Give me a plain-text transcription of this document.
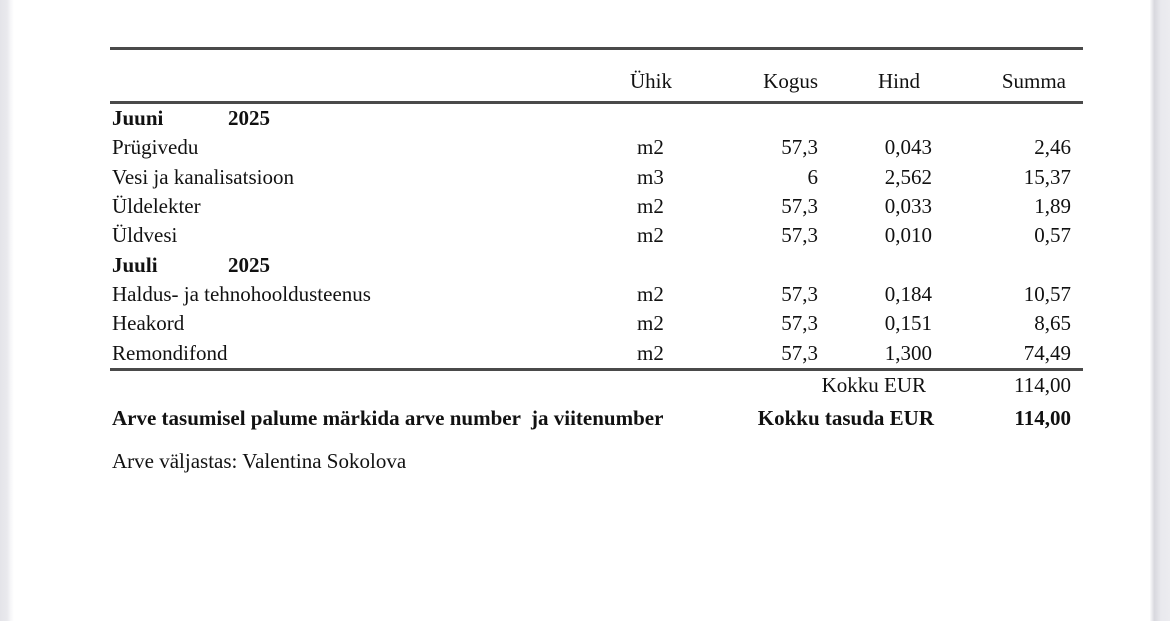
Ühik	Kogus	Hind	Summa
Juuni	2025
Prügivedu	m2	57,3	0,043	2,46
Vesi ja kanalisatsioon	m3	6	2,562	15,37
Üldelekter	m2	57,3	0,033	1,89
Üldvesi	m2	57,3	0,010	0,57
Juuli	2025
Haldus- ja tehnohooldusteenus	m2	57,3	0,184	10,57
Heakord	m2	57,3	0,151	8,65
Remondifond	m2	57,3	1,300	74,49
Kokku EUR	114,00
Arve tasumisel palume märkida arve number  ja viitenumber	Kokku tasuda EUR	114,00
Arve väljastas: Valentina Sokolova
